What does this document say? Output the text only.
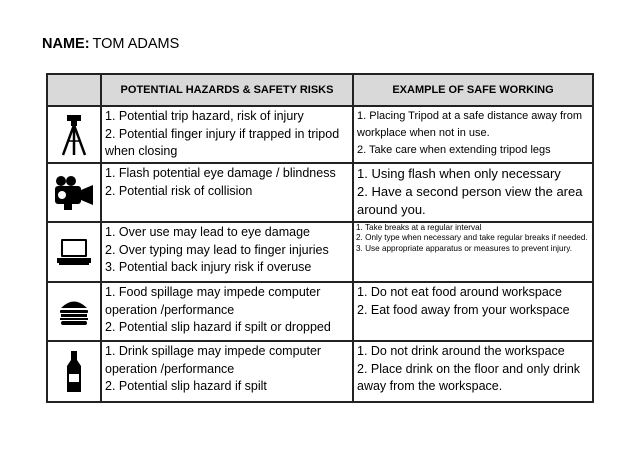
NAME: TOM ADAMS
POTENTIAL HAZARDS & SAFETY RISKS	EXAMPLE OF SAFE WORKING
1. Potential trip hazard, risk of injury
2. Potential finger injury if trapped in tripod when closing
1. Placing Tripod at a safe distance away from workplace when not in use.
2. Take care when extending tripod legs
1. Flash potential eye damage / blindness
2. Potential risk of collision
1. Using flash when only necessary
2. Have a second person view the area around you.
1. Over use may lead to eye damage
2. Over typing may lead to finger injuries
3. Potential back injury risk if overuse
1. Take breaks at a regular interval
2. Only type when necessary and take regular breaks if needed.
3. Use appropriate apparatus or measures to prevent injury.
1. Food spillage may impede computer operation /performance
2. Potential slip hazard if spilt or dropped
1. Do not eat food around workspace
2. Eat food away from your workspace
1. Drink spillage may impede computer operation /performance
2. Potential slip hazard if spilt
1. Do not drink around the workspace
2. Place drink on the floor and only drink away from the workspace.
